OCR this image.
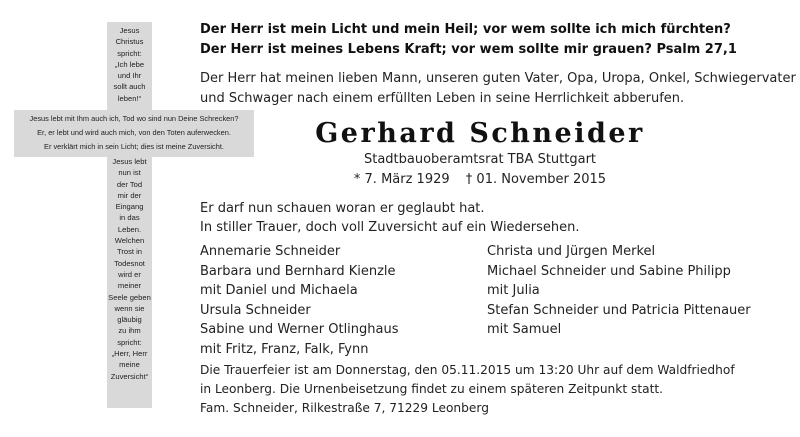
Jesus
Christus
spricht:
„Ich lebe
und Ihr
sollt auch
leben!“
Jesus lebt mit Ihm auch ich, Tod wo sind nun Deine Schrecken?
Er, er lebt und wird auch mich, von den Toten auferwecken.
Er verklärt mich in sein Licht; dies ist meine Zuversicht.
Jesus lebt
nun ist
der Tod
mir der
Eingang
in das
Leben.
Welchen
Trost in
Todesnot
wird er
meiner
Seele geben
wenn sie
gläubig
zu ihm
spricht:
„Herr, Herr
meine
Zuversicht“
Der Herr ist mein Licht und mein Heil; vor wem sollte ich mich fürchten?
Der Herr ist meines Lebens Kraft; vor wem sollte mir grauen? Psalm 27,1
Der Herr hat meinen lieben Mann, unseren guten Vater, Opa, Uropa, Onkel, Schwiegervater
und Schwager nach einem erfüllten Leben in seine Herrlichkeit abberufen.
Gerhard Schneider
Stadtbauoberamtsrat TBA Stuttgart
* 7. März 1929 † 01. November 2015
Er darf nun schauen woran er geglaubt hat.
In stiller Trauer, doch voll Zuversicht auf ein Wiedersehen.
Annemarie Schneider
Barbara und Bernhard Kienzle
mit Daniel und Michaela
Ursula Schneider
Sabine und Werner Otlinghaus
mit Fritz, Franz, Falk, Fynn
Christa und Jürgen Merkel
Michael Schneider und Sabine Philipp
mit Julia
Stefan Schneider und Patricia Pittenauer
mit Samuel
Die Trauerfeier ist am Donnerstag, den 05.11.2015 um 13:20 Uhr auf dem Waldfriedhof
in Leonberg. Die Urnenbeisetzung findet zu einem späteren Zeitpunkt statt.
Fam. Schneider, Rilkestraße 7, 71229 Leonberg
